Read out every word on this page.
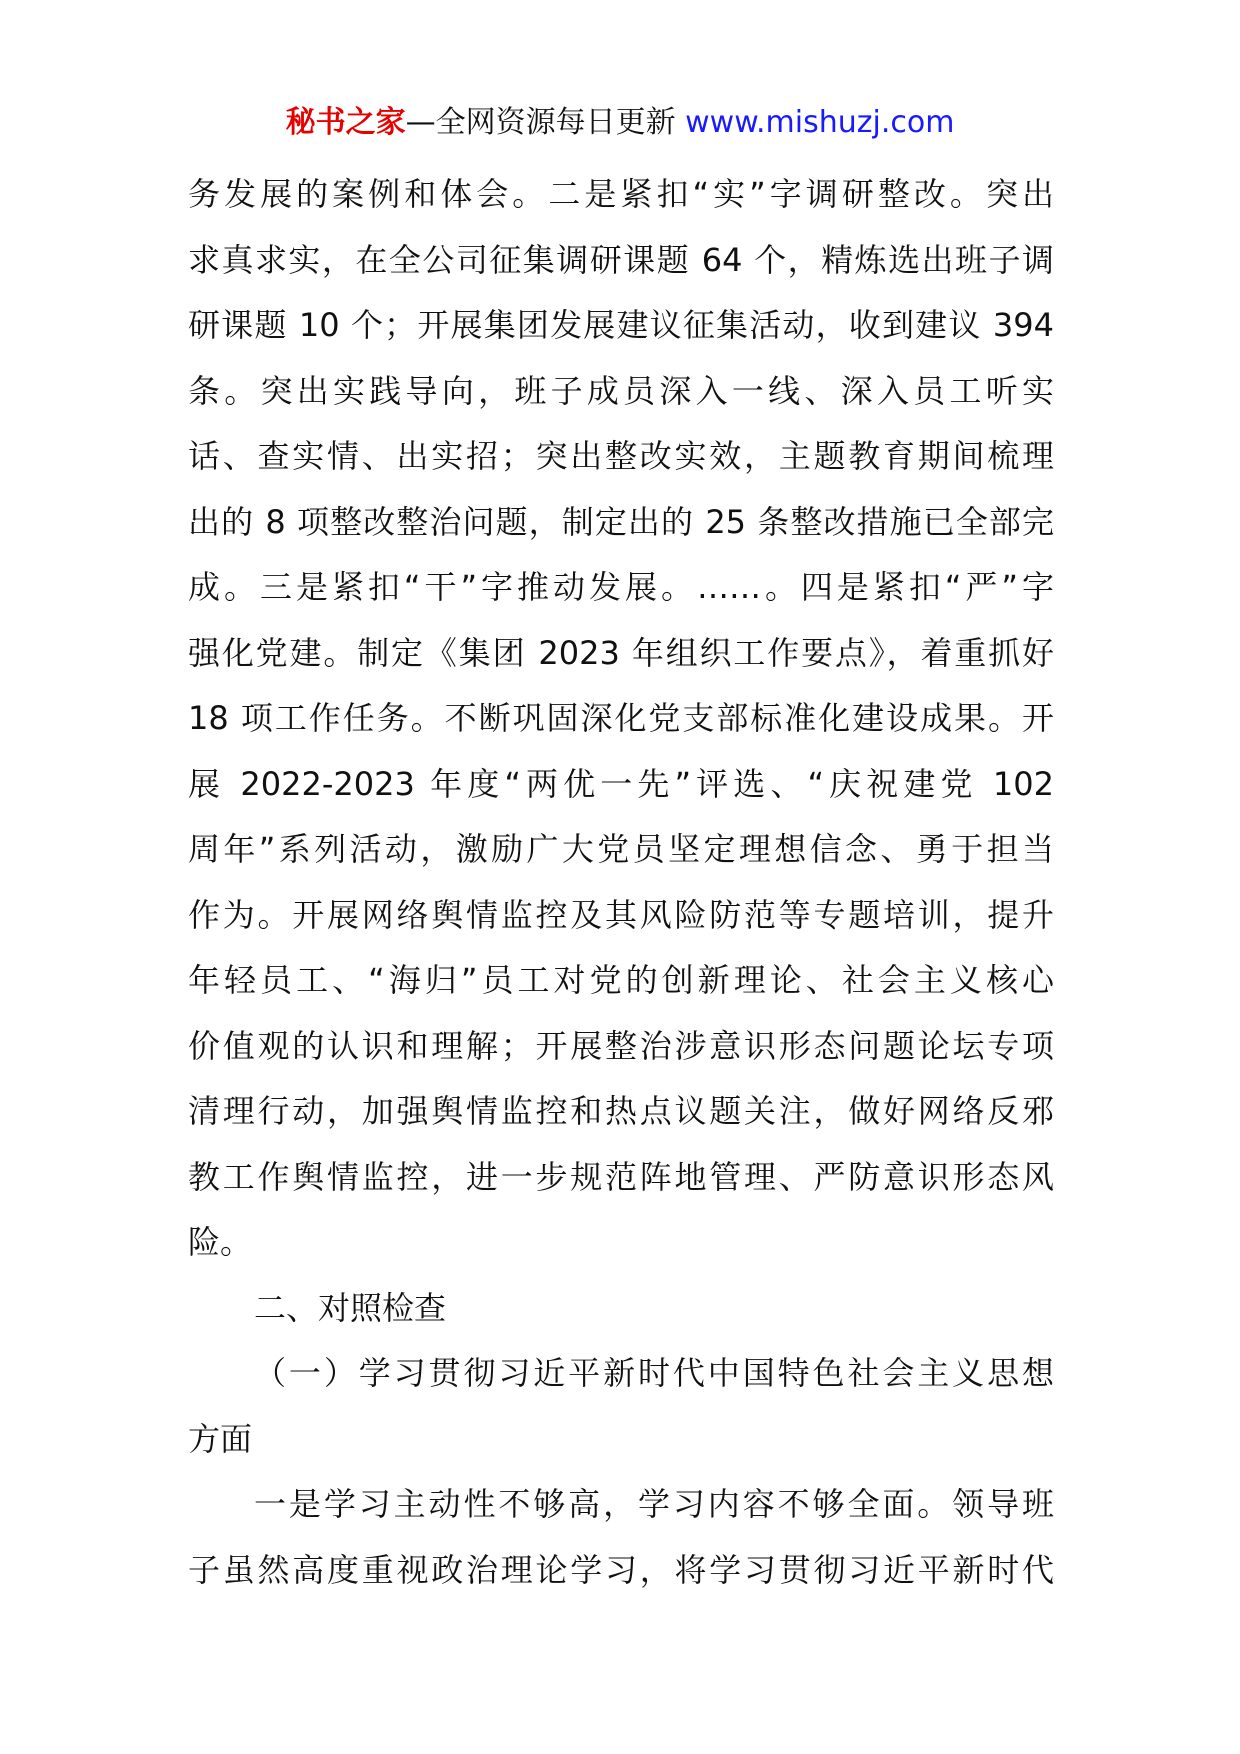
秘书之家—全网资源每日更新 www.mishuzj.com
务发展的案例和体会。二是紧扣“实”字调研整改。突出
求真求实，在全公司征集调研课题 64 个，精炼选出班子调
研课题 10 个；开展集团发展建议征集活动，收到建议 394
条。突出实践导向，班子成员深入一线、深入员工听实
话、查实情、出实招；突出整改实效，主题教育期间梳理
出的 8 项整改整治问题，制定出的 25 条整改措施已全部完
成。三是紧扣“干”字推动发展。……。四是紧扣“严”字
强化党建。制定《集团 2023 年组织工作要点》，着重抓好
18 项工作任务。不断巩固深化党支部标准化建设成果。开
展 2022-2023 年度“两优一先”评选、“庆祝建党 102
周年”系列活动，激励广大党员坚定理想信念、勇于担当
作为。开展网络舆情监控及其风险防范等专题培训，提升
年轻员工、“海归”员工对党的创新理论、社会主义核心
价值观的认识和理解；开展整治涉意识形态问题论坛专项
清理行动，加强舆情监控和热点议题关注，做好网络反邪
教工作舆情监控，进一步规范阵地管理、严防意识形态风
险。
二、对照检查
（一）学习贯彻习近平新时代中国特色社会主义思想
方面
一是学习主动性不够高，学习内容不够全面。领导班
子虽然高度重视政治理论学习，将学习贯彻习近平新时代
